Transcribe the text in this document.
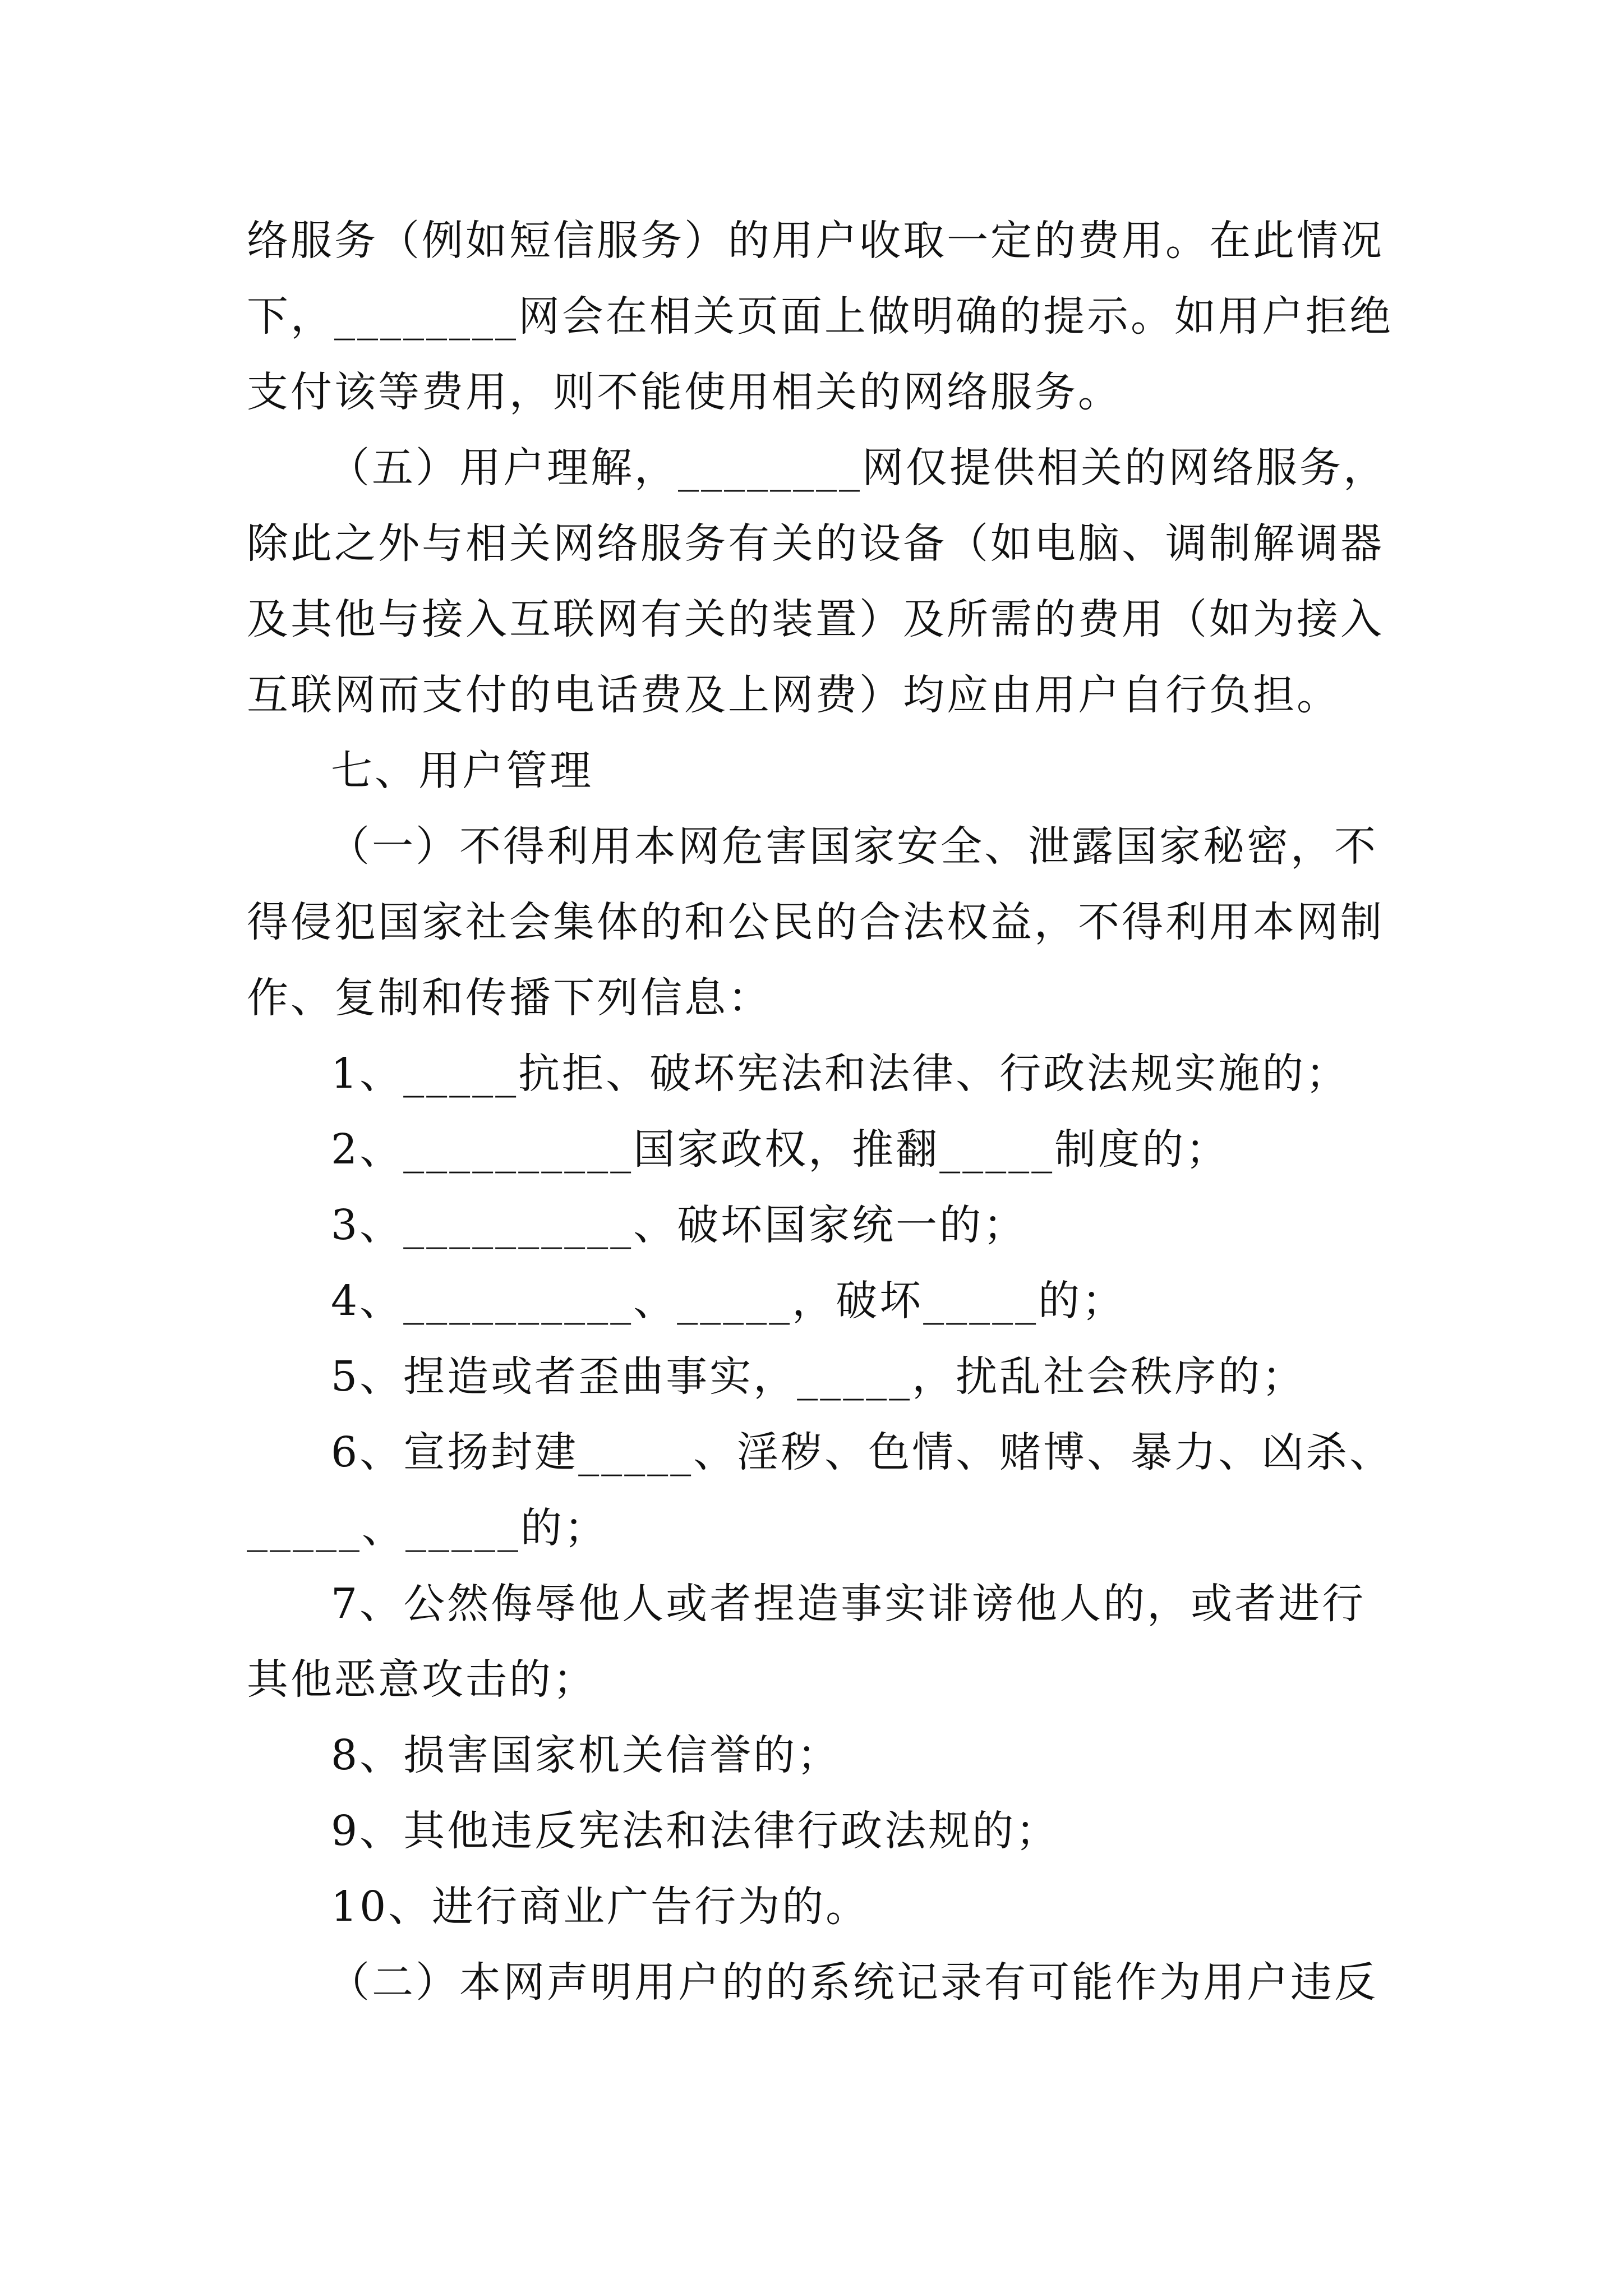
络服务（例如短信服务）的用户收取一定的费用。在此情况
下，________网会在相关页面上做明确的提示。如用户拒绝
支付该等费用，则不能使用相关的网络服务。
（五）用户理解，________网仅提供相关的网络服务，
除此之外与相关网络服务有关的设备（如电脑、调制解调器
及其他与接入互联网有关的装置）及所需的费用（如为接入
互联网而支付的电话费及上网费）均应由用户自行负担。
七、用户管理
（一）不得利用本网危害国家安全、泄露国家秘密，不
得侵犯国家社会集体的和公民的合法权益，不得利用本网制
作、复制和传播下列信息：
1、_____抗拒、破坏宪法和法律、行政法规实施的；
2、__________国家政权，推翻_____制度的；
3、__________、破坏国家统一的；
4、__________、_____，破坏_____的；
5、捏造或者歪曲事实，_____，扰乱社会秩序的；
6、宣扬封建_____、淫秽、色情、赌博、暴力、凶杀、
_____、_____的；
7、公然侮辱他人或者捏造事实诽谤他人的，或者进行
其他恶意攻击的；
8、损害国家机关信誉的；
9、其他违反宪法和法律行政法规的；
10、进行商业广告行为的。
（二）本网声明用户的的系统记录有可能作为用户违反
